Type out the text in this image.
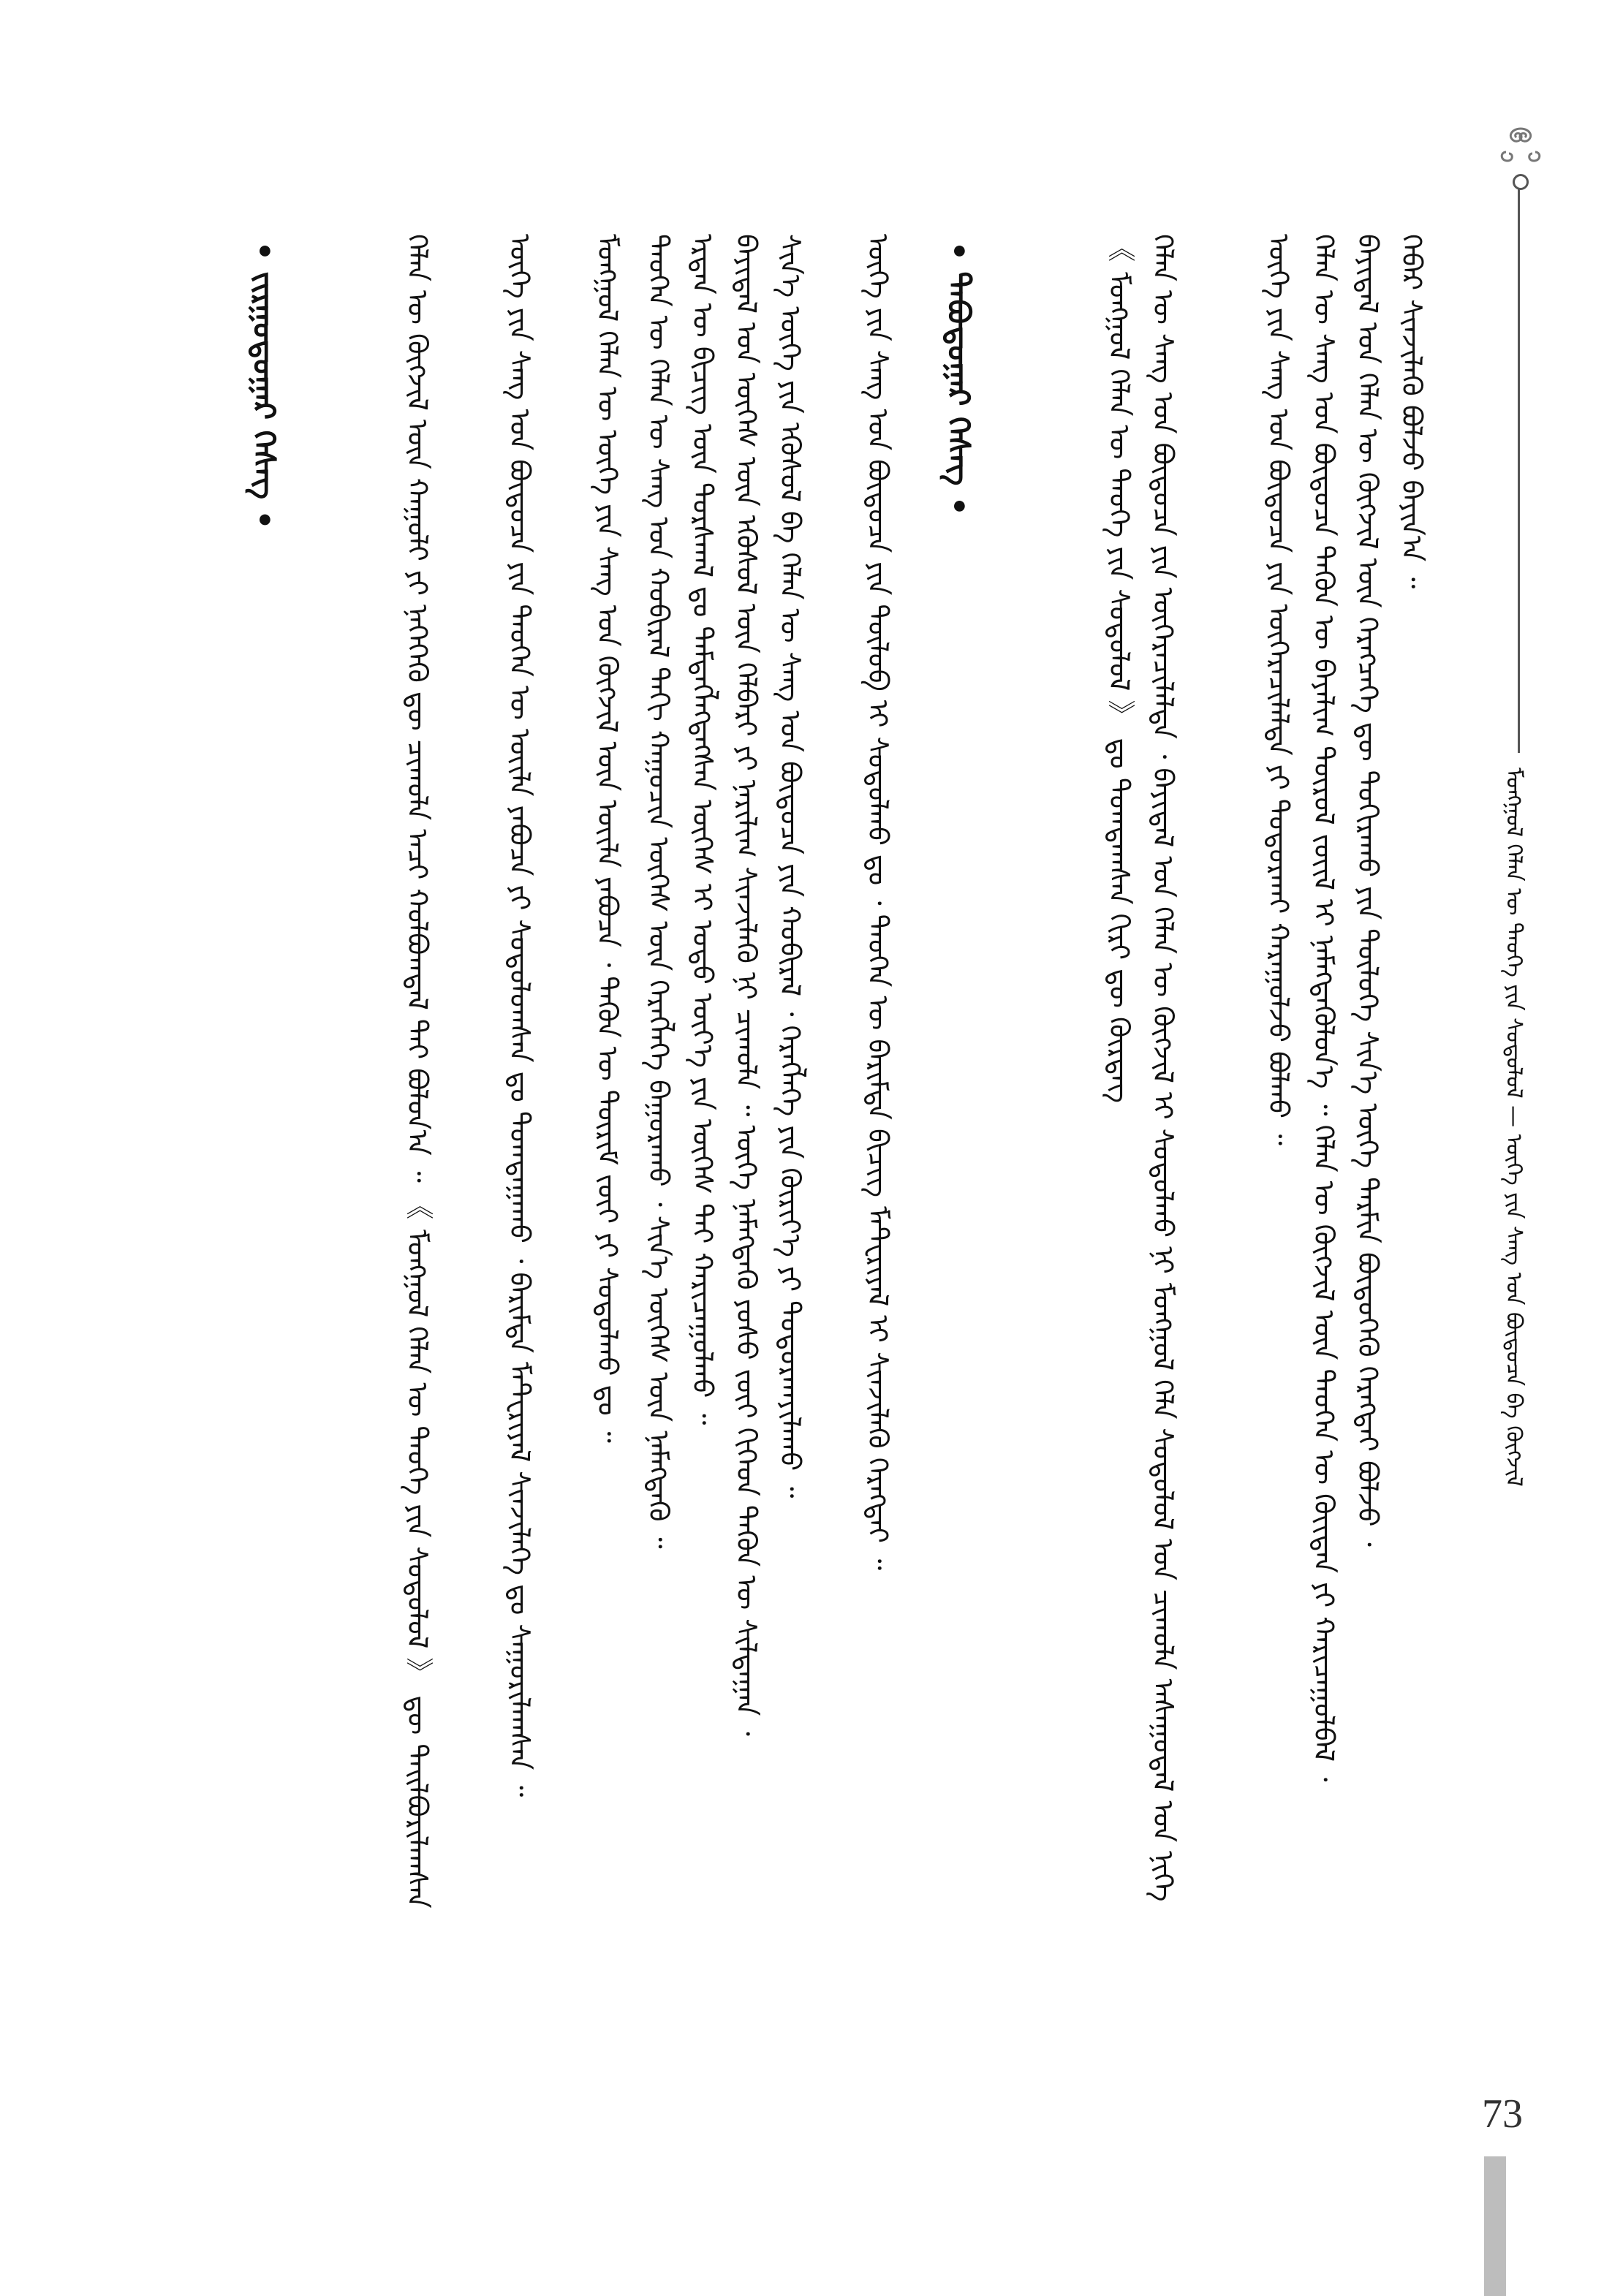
ᠮᠣᠩᠭᠣᠯ ᠬᠡᠯᠡᠨ ᠦ ᠲᠡᠦᠬᠡ ᠶᠢᠨ ᠰᠤᠳᠤᠯᠤᠯ — ᠦᠭᠡ ᠶᠢᠨ ᠰᠠᠩ ᠤᠨ ᠪᠦᠲᠦᠴᠡ ᠪᠠ ᠬᠦᠭᠵᠢᠯ
ᠬᠡᠪᠡᠷ ᠰᠢᠨᠵᠢᠯᠡᠬᠦ ᠪᠣᠯᠵᠣ ᠪᠠᠶᠢᠨ᠎ᠠ ᠃
ᠪᠠᠶᠢᠳᠠᠯ ᠤᠨ ᠬᠡᠯᠡᠨ ᠦ ᠬᠦᠭᠵᠢᠯ ᠦᠨ ᠬᠡᠷᠡᠭᠴᠡᠭᠡ ᠳᠦ ᠲᠣᠬᠢᠷᠠᠬᠤ ᠶᠢᠨ ᠲᠥᠯᠥᠭᠡ ᠰᠢᠨ᠎ᠡ ᠦᠭᠡ ᠲᠡᠷᠮᠢᠨ ᠪᠦᠲᠦᠭᠡᠬᠦ ᠬᠡᠷᠡᠭᠲᠡᠶ ᠪᠣᠯᠵᠤ ᠂
ᠬᠡᠯᠡᠨ ᠦ ᠰᠠᠩ ᠤᠨ ᠪᠦᠲᠦᠴᠡ ᠲᠡᠭᠦᠨ ᠦ ᠪᠠᠶᠠᠯᠢᠭ ᠲᠥᠷᠥᠯ ᠵᠦᠢᠯ ᠢ ᠨᠡᠮᠡᠭᠳᠡᠭᠦᠯᠦᠨ᠎ᠡ ᠃ ᠬᠡᠯᠡᠨ ᠦ ᠬᠦᠭᠵᠢᠯ ᠦᠨ ᠲᠡᠦᠬᠡᠨ ᠦ ᠬᠦᠢᠲᠡᠨ ᠶᠢ ᠬᠠᠷᠢᠴᠠᠭᠤᠯᠪᠠᠯ ᠂
ᠦᠭᠡ ᠶᠢᠨ ᠰᠠᠩ ᠤᠨ ᠪᠦᠲᠦᠴᠡ ᠶᠢᠨ ᠥᠭᠡᠷᠡᠴᠢᠯᠡᠯᠲᠡ ᠶᠢ ᠲᠣᠳᠣᠷᠬᠠᠢ ᠬᠠᠷᠠᠭᠤᠯᠵᠤ ᠪᠣᠯᠬᠤ ᠃
ᠬᠡᠯᠡᠨ ᠦ ᠰᠠᠩ ᠤᠨ ᠪᠦᠲᠦᠴᠡ ᠶᠢᠨ ᠥᠭᠡᠷᠡᠴᠢᠯᠡᠯᠲᠡ ᠂ ᠪᠠᠶᠢᠳᠠᠯ ᠤᠨ ᠬᠡᠯᠡᠨ ᠦ ᠬᠦᠭᠵᠢᠯ ᠢ ᠰᠤᠳᠤᠯᠬᠤ ᠨᠢ ᠮᠣᠩᠭᠣᠯ ᠬᠡᠯᠡ ᠰᠤᠳᠤᠯᠤᠯ ᠤᠨ ᠴᠢᠬᠤᠯᠠ ᠠᠰᠠᠭᠤᠳᠠᠯ ᠤᠨ ᠨᠢᠭᠡ
《 ᠮᠣᠩᠭᠣᠯ ᠬᠡᠯᠡᠨ ᠦ ᠲᠡᠦᠬᠡ ᠶᠢᠨ ᠰᠤᠳᠤᠯᠤᠯ 》 ᠳᠤ ᠲᠣᠭᠲᠠᠭᠰᠠᠨ ᠬᠢᠷᠢ ᠳᠦ ᠬᠦᠷᠳᠡᠭ
• ᠲᠠᠪᠤᠳᠤᠭᠠᠷ ᠬᠡᠰᠡᠭ •
ᠦᠭᠡ ᠶᠢᠨ ᠰᠠᠩ ᠤᠨ ᠪᠦᠲᠦᠴᠡ ᠶᠢᠨ ᠲᠥᠯᠥᠪ ᠢ ᠰᠤᠳᠤᠯᠬᠤ ᠳᠤ ᠂ ᠲᠡᠦᠬᠡᠨ ᠦ ᠪᠠᠷᠢᠮᠲᠠ ᠪᠢᠴᠢᠭ ᠮᠠᠲ᠋ᠸᠷᠢᠶᠠᠯ ᠢ ᠰᠢᠨᠵᠢᠯᠡᠬᠦ ᠬᠡᠷᠡᠭᠲᠡᠢ ᠃
ᠰᠢᠨ᠎ᠡ ᠦᠭᠡ ᠶᠢᠨ ᠡᠭᠦᠰᠦᠯ ᠪᠠ ᠬᠡᠯᠡᠨ ᠦ ᠰᠠᠩ ᠤᠨ ᠪᠦᠲᠦᠴᠡ ᠶᠢᠨ ᠬᠤᠪᠢᠷᠠᠯ ᠂ ᠬᠡᠷᠡᠭᠯᠡᠭᠡ ᠶᠢᠨ ᠬᠦᠷᠢᠶ᠎ᠡ ᠶᠢ ᠲᠣᠳᠣᠷᠬᠠᠶᠢᠯᠠᠬᠤ ᠃
ᠪᠠᠶᠢᠳᠠᠯ ᠤᠨ ᠦᠭᠡᠰ ᠦᠨ ᠡᠭᠦᠰᠦᠯ ᠦᠨ ᠬᠡᠯᠪᠡᠷᠢ ᠶᠢ ᠨᠠᠷᠢᠯᠢᠭ ᠰᠢᠨᠵᠢᠯᠡᠬᠦ ᠨᠢ ᠴᠢᠬᠤᠯᠠ ᠃ ᠦᠭᠡ ᠨᠡᠮᠡᠭᠳᠡᠬᠦ ᠶᠣᠰᠣ ᠵᠦᠢ ᠬᠢᠭᠡᠳ ᠲᠡᠭᠦᠨ ᠦ ᠰᠢᠯᠲᠠᠭᠠᠨ ᠂
ᠡᠷᠲᠡᠨ ᠦ ᠪᠢᠴᠢᠭ ᠦᠨ ᠳᠤᠷᠰᠬᠠᠯ ᠳᠤ ᠲᠡᠮᠳᠡᠭᠯᠡᠭᠳᠡᠭᠰᠡᠨ ᠦᠭᠡᠰ ᠢ ᠣᠳᠣ ᠦᠶ᠎ᠡ ᠶᠢᠨ ᠦᠭᠡᠰ ᠲᠡᠢ ᠬᠠᠷᠢᠴᠠᠭᠤᠯᠬᠤ ᠃
ᠲᠡᠦᠬᠡᠨ ᠦ ᠬᠡᠯᠡᠨ ᠦ ᠰᠠᠩ ᠤᠨ ᠬᠤᠪᠢᠷᠠᠯ ᠳᠠᠬᠢ ᠬᠠᠭᠤᠴᠢᠨ ᠦᠭᠡᠰ ᠦᠨ ᠬᠡᠷᠡᠭᠯᠡᠭᠡ ᠪᠠᠭᠤᠷᠠᠬᠤ ᠂ ᠰᠢᠨ᠎ᠡ ᠦᠭᠡᠰ ᠦᠨ ᠨᠡᠮᠡᠭᠳᠡᠬᠦ ᠃
ᠮᠣᠩᠭᠣᠯ ᠬᠡᠯᠡᠨ ᠦ ᠦᠭᠡ ᠶᠢᠨ ᠰᠠᠩ ᠤᠨ ᠬᠥᠭᠵᠢᠯ ᠦᠨ ᠦᠢᠯᠡ ᠶᠠᠪᠤᠴᠠ ᠂ ᠲᠡᠭᠦᠨ ᠦ ᠳᠦᠷᠢᠮ ᠵᠦᠢ ᠶᠢ ᠰᠤᠳᠤᠯᠬᠤ ᠳᠤ ᠃
ᠦᠭᠡ ᠶᠢᠨ ᠰᠠᠩ ᠤᠨ ᠪᠦᠲᠦᠴᠡ ᠶᠢᠨ ᠲᠡᠦᠬᠡᠨ ᠦ ᠦᠢᠯᠡ ᠶᠠᠪᠤᠴᠠ ᠶᠢ ᠰᠤᠳᠤᠯᠤᠭᠰᠠᠨ ᠳᠤ ᠲᠣᠭᠲᠠᠭᠠᠬᠤ ᠂ ᠪᠠᠷᠢᠮᠲᠠ ᠮᠠᠲ᠋ᠸᠷᠢᠶᠠᠯ ᠰᠢᠨᠵᠢᠯᠡᠭᠡ ᠳᠤ ᠰᠠᠭᠤᠷᠢᠯᠠᠭᠰᠠᠨ ᠃
ᠬᠡᠯᠡᠨ ᠦ ᠬᠥᠭᠵᠢᠯ ᠦᠨ ᠬᠠᠭᠤᠯᠢ ᠶᠢ ᠨᠡᠭᠡᠭᠡᠬᠦ ᠳᠦ ᠴᠢᠬᠤᠯᠠ ᠠᠴᠢ ᠬᠣᠯᠪᠣᠭᠳᠠᠯ ᠲᠠᠢ ᠪᠣᠯᠤᠨ᠎ᠠ ᠃ 《 ᠮᠣᠩᠭᠣᠯ ᠬᠡᠯᠡᠨ ᠦ ᠲᠡᠦᠬᠡ ᠶᠢᠨ ᠰᠤᠳᠤᠯᠤᠯ 》 ᠳᠦ ᠲᠠᠢᠯᠪᠤᠷᠢᠯᠠᠭᠰᠠᠨ
• ᠵᠢᠷᠭᠤᠳᠤᠭᠠᠷ ᠬᠡᠰᠡᠭ •
73
